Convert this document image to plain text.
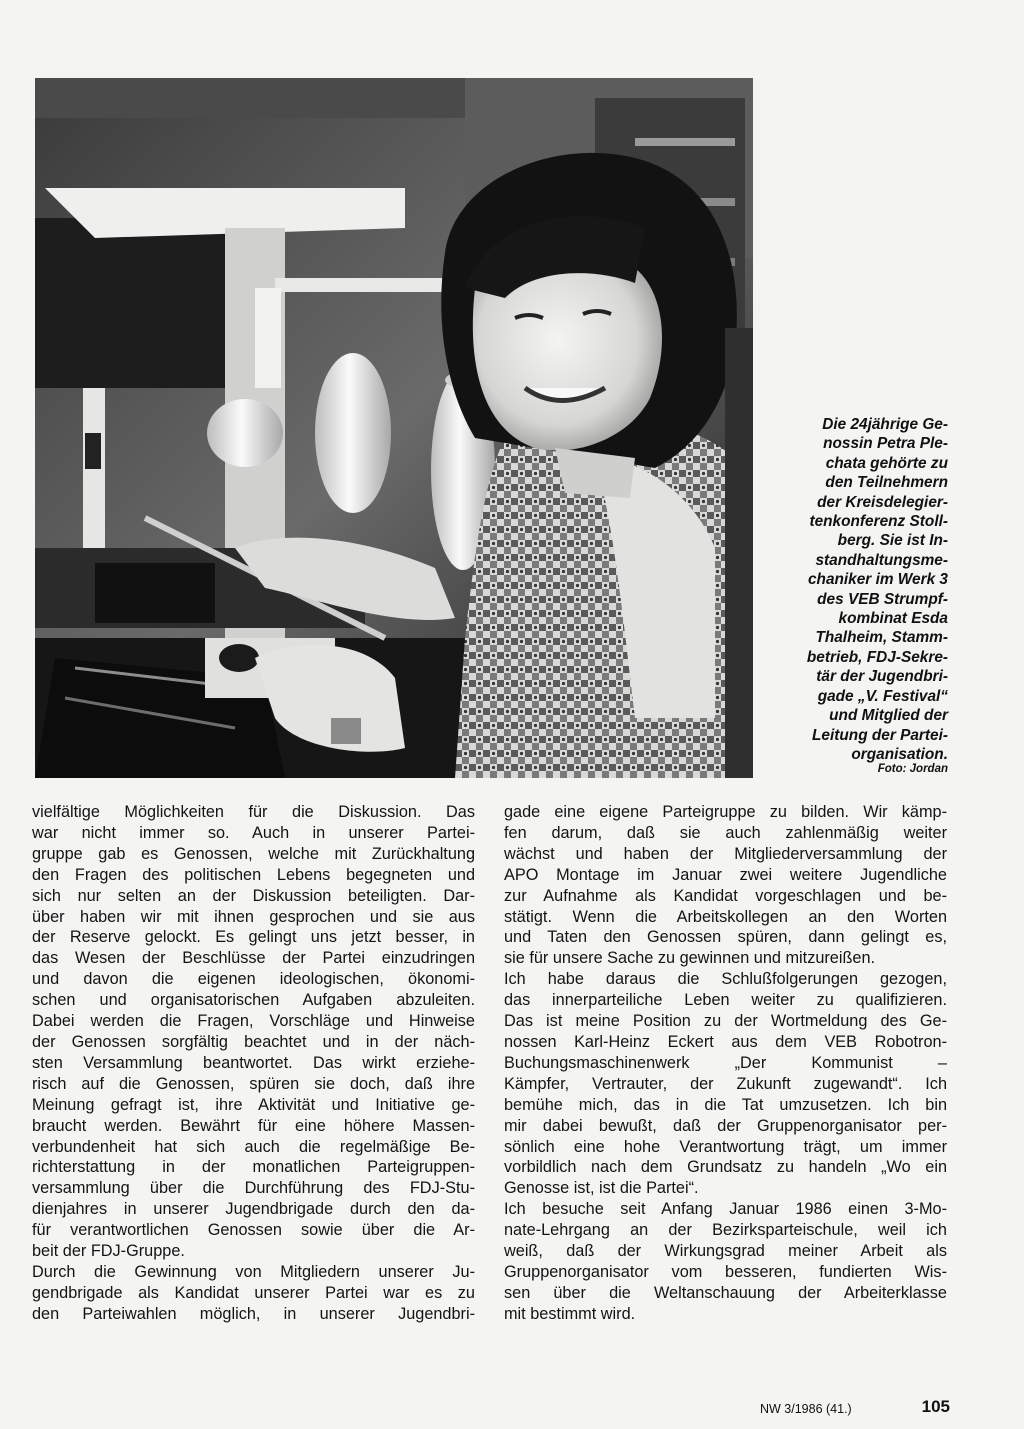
Die 24jährige Ge-
nossin Petra Ple-
chata gehörte zu
den Teilnehmern
der Kreisdelegier-
tenkonferenz Stoll-
berg. Sie ist In-
standhaltungsme-
chaniker im Werk 3
des VEB Strumpf-
kombinat Esda
Thalheim, Stamm-
betrieb, FDJ-Sekre-
tär der Jugendbri-
gade „V. Festival“
und Mitglied der
Leitung der Partei-
organisation.
Foto: Jordan
vielfältige Möglichkeiten für die Diskussion. Das
war nicht immer so. Auch in unserer Partei-
gruppe gab es Genossen, welche mit Zurückhaltung
den Fragen des politischen Lebens begegneten und
sich nur selten an der Diskussion beteiligten. Dar-
über haben wir mit ihnen gesprochen und sie aus
der Reserve gelockt. Es gelingt uns jetzt besser, in
das Wesen der Beschlüsse der Partei einzudringen
und davon die eigenen ideologischen, ökonomi-
schen und organisatorischen Aufgaben abzuleiten.
Dabei werden die Fragen, Vorschläge und Hinweise
der Genossen sorgfältig beachtet und in der näch-
sten Versammlung beantwortet. Das wirkt erziehe-
risch auf die Genossen, spüren sie doch, daß ihre
Meinung gefragt ist, ihre Aktivität und Initiative ge-
braucht werden. Bewährt für eine höhere Massen-
verbundenheit hat sich auch die regelmäßige Be-
richterstattung in der monatlichen Parteigruppen-
versammlung über die Durchführung des FDJ-Stu-
dienjahres in unserer Jugendbrigade durch den da-
für verantwortlichen Genossen sowie über die Ar-
beit der FDJ-Gruppe.
Durch die Gewinnung von Mitgliedern unserer Ju-
gendbrigade als Kandidat unserer Partei war es zu
den Parteiwahlen möglich, in unserer Jugendbri-
gade eine eigene Parteigruppe zu bilden. Wir kämp-
fen darum, daß sie auch zahlenmäßig weiter
wächst und haben der Mitgliederversammlung der
APO Montage im Januar zwei weitere Jugendliche
zur Aufnahme als Kandidat vorgeschlagen und be-
stätigt. Wenn die Arbeitskollegen an den Worten
und Taten den Genossen spüren, dann gelingt es,
sie für unsere Sache zu gewinnen und mitzureißen.
Ich habe daraus die Schlußfolgerungen gezogen,
das innerparteiliche Leben weiter zu qualifizieren.
Das ist meine Position zu der Wortmeldung des Ge-
nossen Karl-Heinz Eckert aus dem VEB Robotron-
Buchungsmaschinenwerk „Der Kommunist –
Kämpfer, Vertrauter, der Zukunft zugewandt“. Ich
bemühe mich, das in die Tat umzusetzen. Ich bin
mir dabei bewußt, daß der Gruppenorganisator per-
sönlich eine hohe Verantwortung trägt, um immer
vorbildlich nach dem Grundsatz zu handeln „Wo ein
Genosse ist, ist die Partei“.
Ich besuche seit Anfang Januar 1986 einen 3-Mo-
nate-Lehrgang an der Bezirksparteischule, weil ich
weiß, daß der Wirkungsgrad meiner Arbeit als
Gruppenorganisator vom besseren, fundierten Wis-
sen über die Weltanschauung der Arbeiterklasse
mit bestimmt wird.
NW 3/1986 (41.)	105
